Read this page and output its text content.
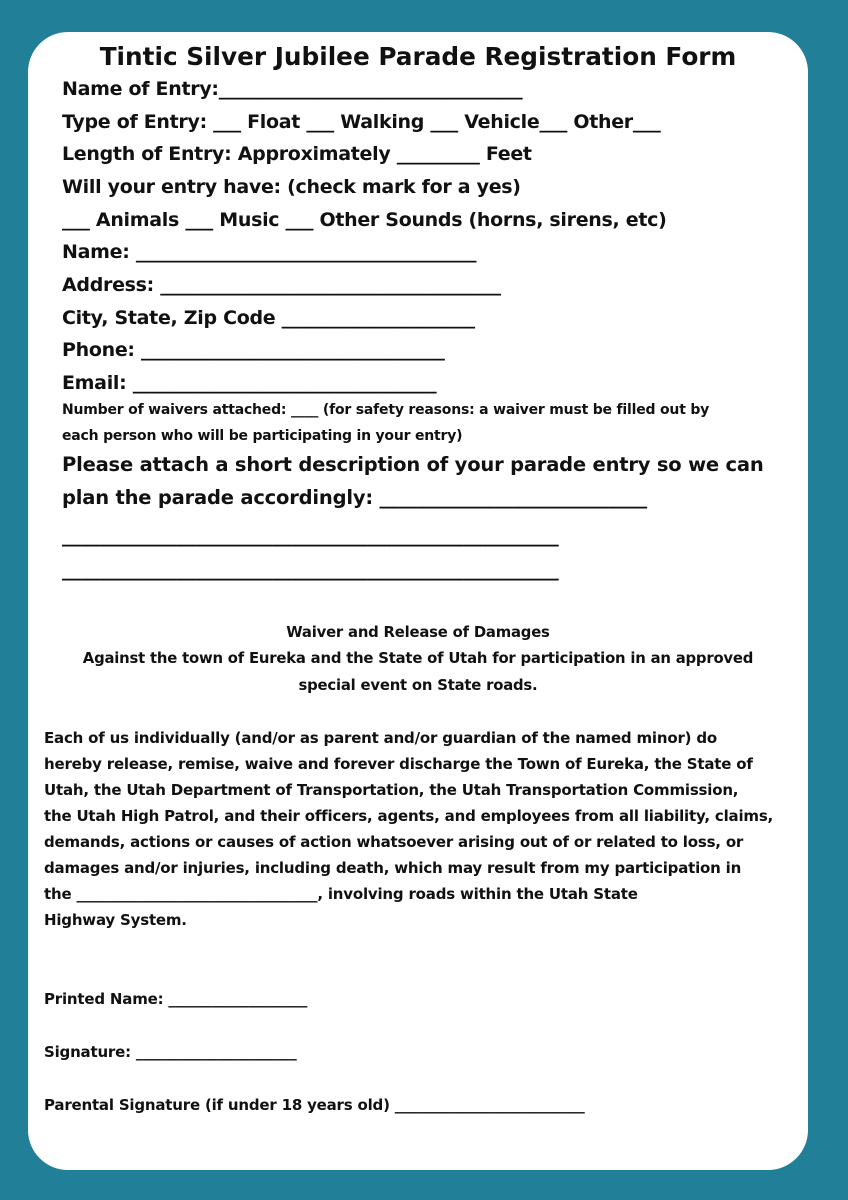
Tintic Silver Jubilee Parade Registration Form
Name of Entry:_________________________________
Type of Entry: ___ Float ___ Walking ___ Vehicle___ Other___
Length of Entry: Approximately _________ Feet
Will your entry have: (check mark for a yes)
___ Animals ___ Music ___ Other Sounds (horns, sirens, etc)
Name: _____________________________________
Address: _____________________________________
City, State, Zip Code _____________________
Phone: _________________________________
Email: _________________________________
Number of waivers attached: ____ (for safety reasons: a waiver must be filled out by
each person who will be participating in your entry)
Please attach a short description of your parade entry so we can
plan the parade accordingly: ____________________________
____________________________________________________
____________________________________________________
Waiver and Release of Damages
Against the town of Eureka and the State of Utah for participation in an approved
special event on State roads.
Each of us individually (and/or as parent and/or guardian of the named minor) do
hereby release, remise, waive and forever discharge the Town of Eureka, the State of
Utah, the Utah Department of Transportation, the Utah Transportation Commission,
the Utah High Patrol, and their officers, agents, and employees from all liability, claims,
demands, actions or causes of action whatsoever arising out of or related to loss, or
damages and/or injuries, including death, which may result from my participation in
the _________________________________, involving roads within the Utah State
Highway System.
Printed Name: ___________________
Signature: ______________________
Parental Signature (if under 18 years old) __________________________
